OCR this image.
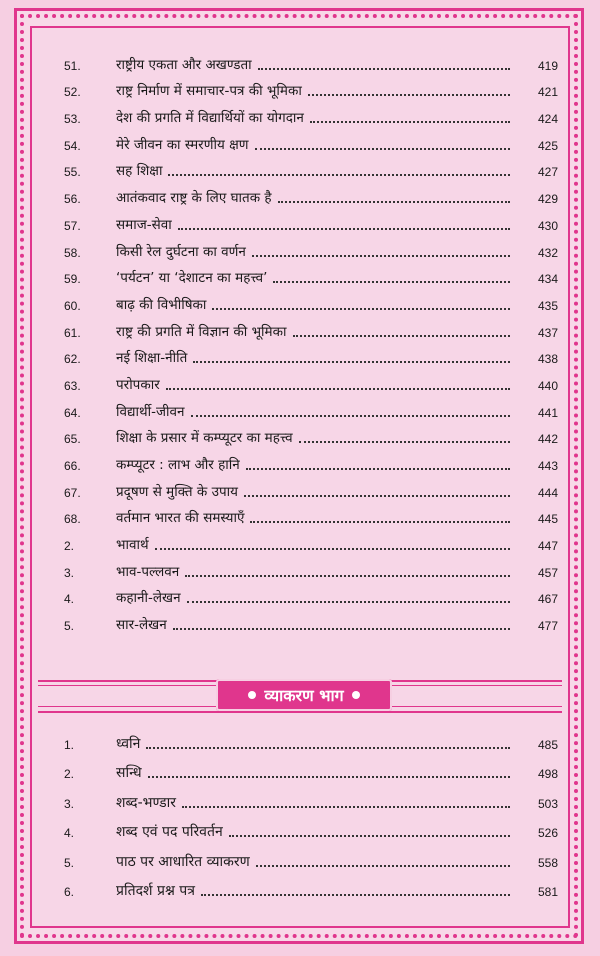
51.	राष्ट्रीय एकता और अखण्डता	419
52.	राष्ट्र निर्माण में समाचार-पत्र की भूमिका	421
53.	देश की प्रगति में विद्यार्थियों का योगदान	424
54.	मेरे जीवन का स्मरणीय क्षण	425
55.	सह शिक्षा	427
56.	आतंकवाद राष्ट्र के लिए घातक है	429
57.	समाज-सेवा	430
58.	किसी रेल दुर्घटना का वर्णन	432
59.	‘पर्यटन’ या ‘देशाटन का महत्त्व’	434
60.	बाढ़ की विभीषिका	435
61.	राष्ट्र की प्रगति में विज्ञान की भूमिका	437
62.	नई शिक्षा-नीति	438
63.	परोपकार	440
64.	विद्यार्थी-जीवन	441
65.	शिक्षा के प्रसार में कम्प्यूटर का महत्त्व	442
66.	कम्प्यूटर : लाभ और हानि	443
67.	प्रदूषण से मुक्ति के उपाय	444
68.	वर्तमान भारत की समस्याएँ	445
2.	भावार्थ	447
3.	भाव-पल्लवन	457
4.	कहानी-लेखन	467
5.	सार-लेखन	477
व्याकरण भाग
1.	ध्वनि	485
2.	सन्धि	498
3.	शब्द-भण्डार	503
4.	शब्द एवं पद परिवर्तन	526
5.	पाठ पर आधारित व्याकरण	558
6.	प्रतिदर्श प्रश्न पत्र	581
